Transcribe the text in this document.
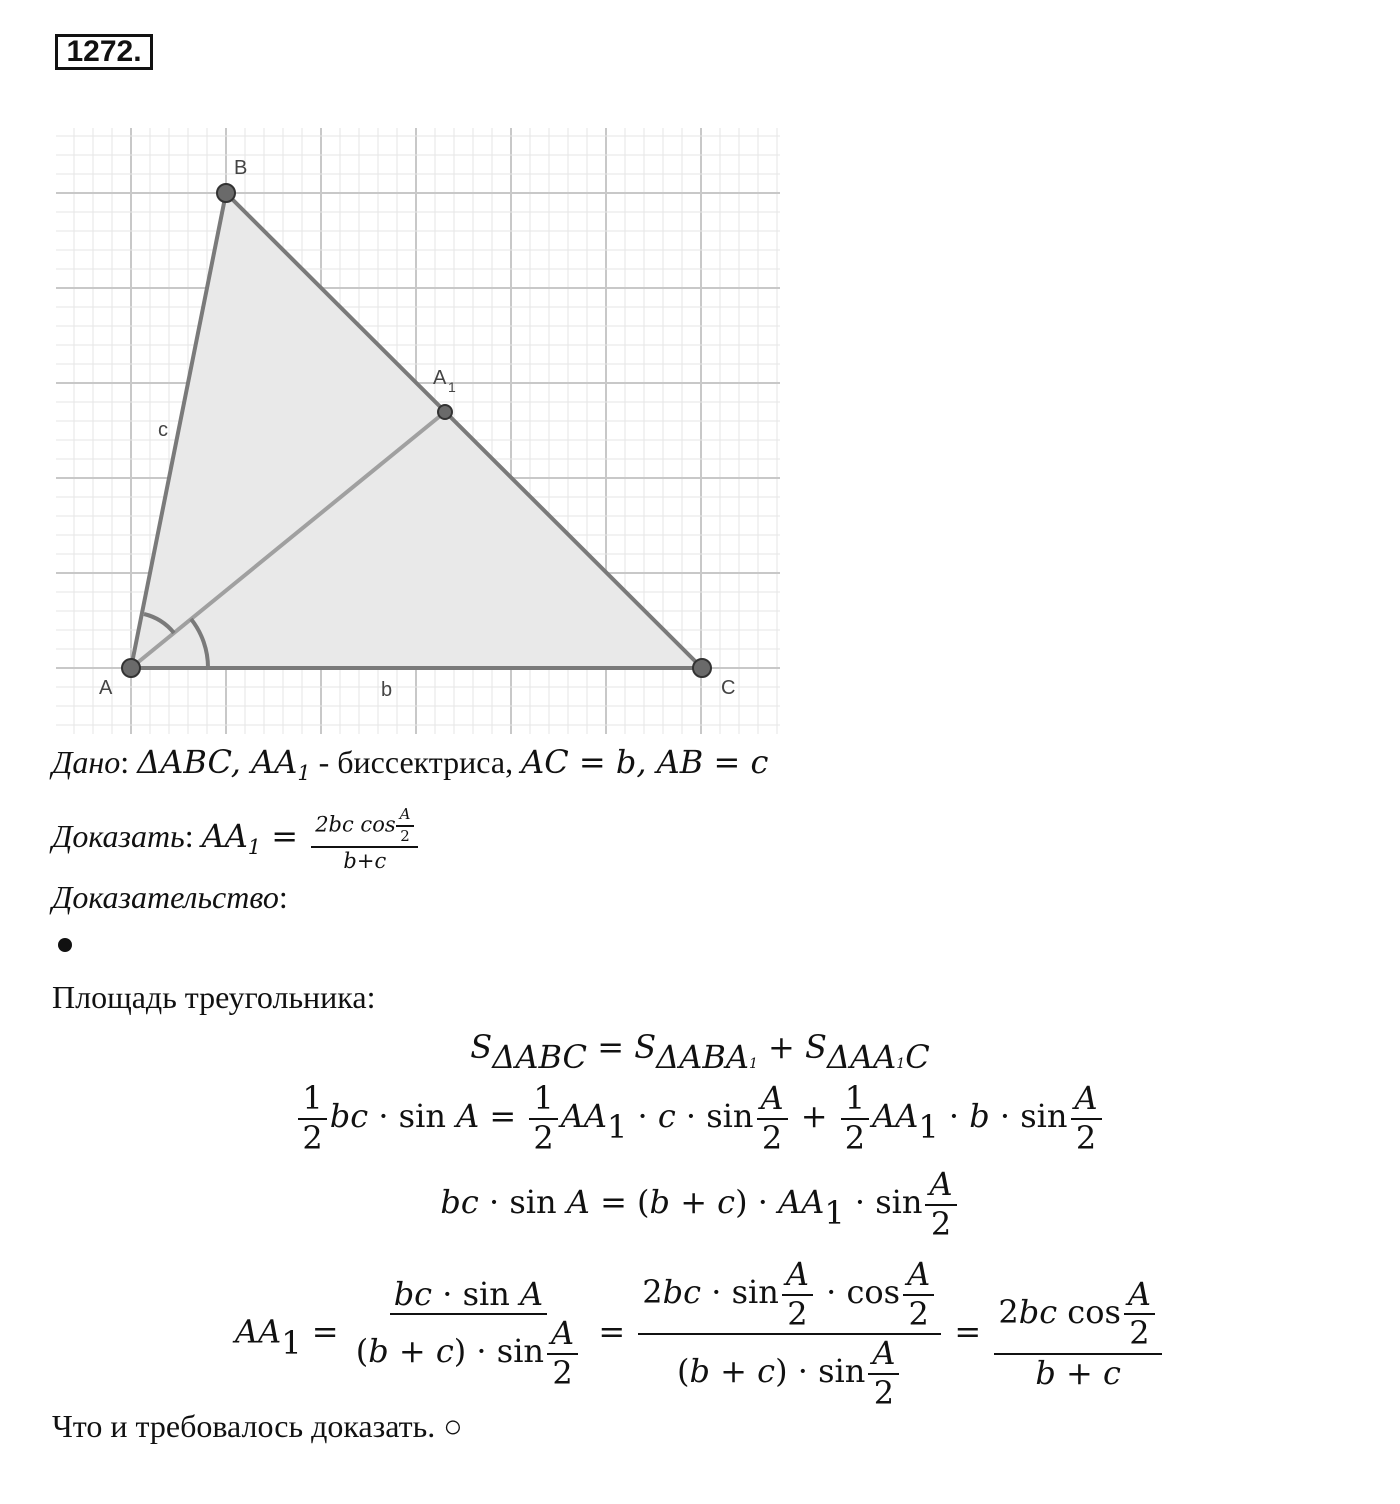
1272.
A
B
C
A 1
c
b
Дано: ΔABC, $AA_1$ - биссектриса, AC = b, AB = c
Доказать: $AA_1 = \frac{2bc \cos \frac{A}{2}}{b+c}$
Доказательство:
Площадь треугольника:
SΔABC = SΔABA1 + SΔAA1C
$\frac{1}{2}$ bc · $\sin A = \frac{1}{2} AA1 \cdot c \cdot \sin \frac{A}{2} + \frac{1}{2} AA1 \cdot b \cdot \sin \frac{A}{2}$
bc · $\sin A = (b + c) \cdot AA1 \cdot \sin \frac{A}{2}$
$AA1 = \frac{\text{bc · sin A}}{(b + c) \cdot \sin \frac{A}{2}} = \frac{2bc \cdot \sin \frac{A}{2} \cdot \cos \frac{A}{2}}{(b + c) \cdot \sin \frac{A}{2}} = \frac{2bc \cos \frac{A}{2}}{b + c}$
Что и требовалось доказать. ○
